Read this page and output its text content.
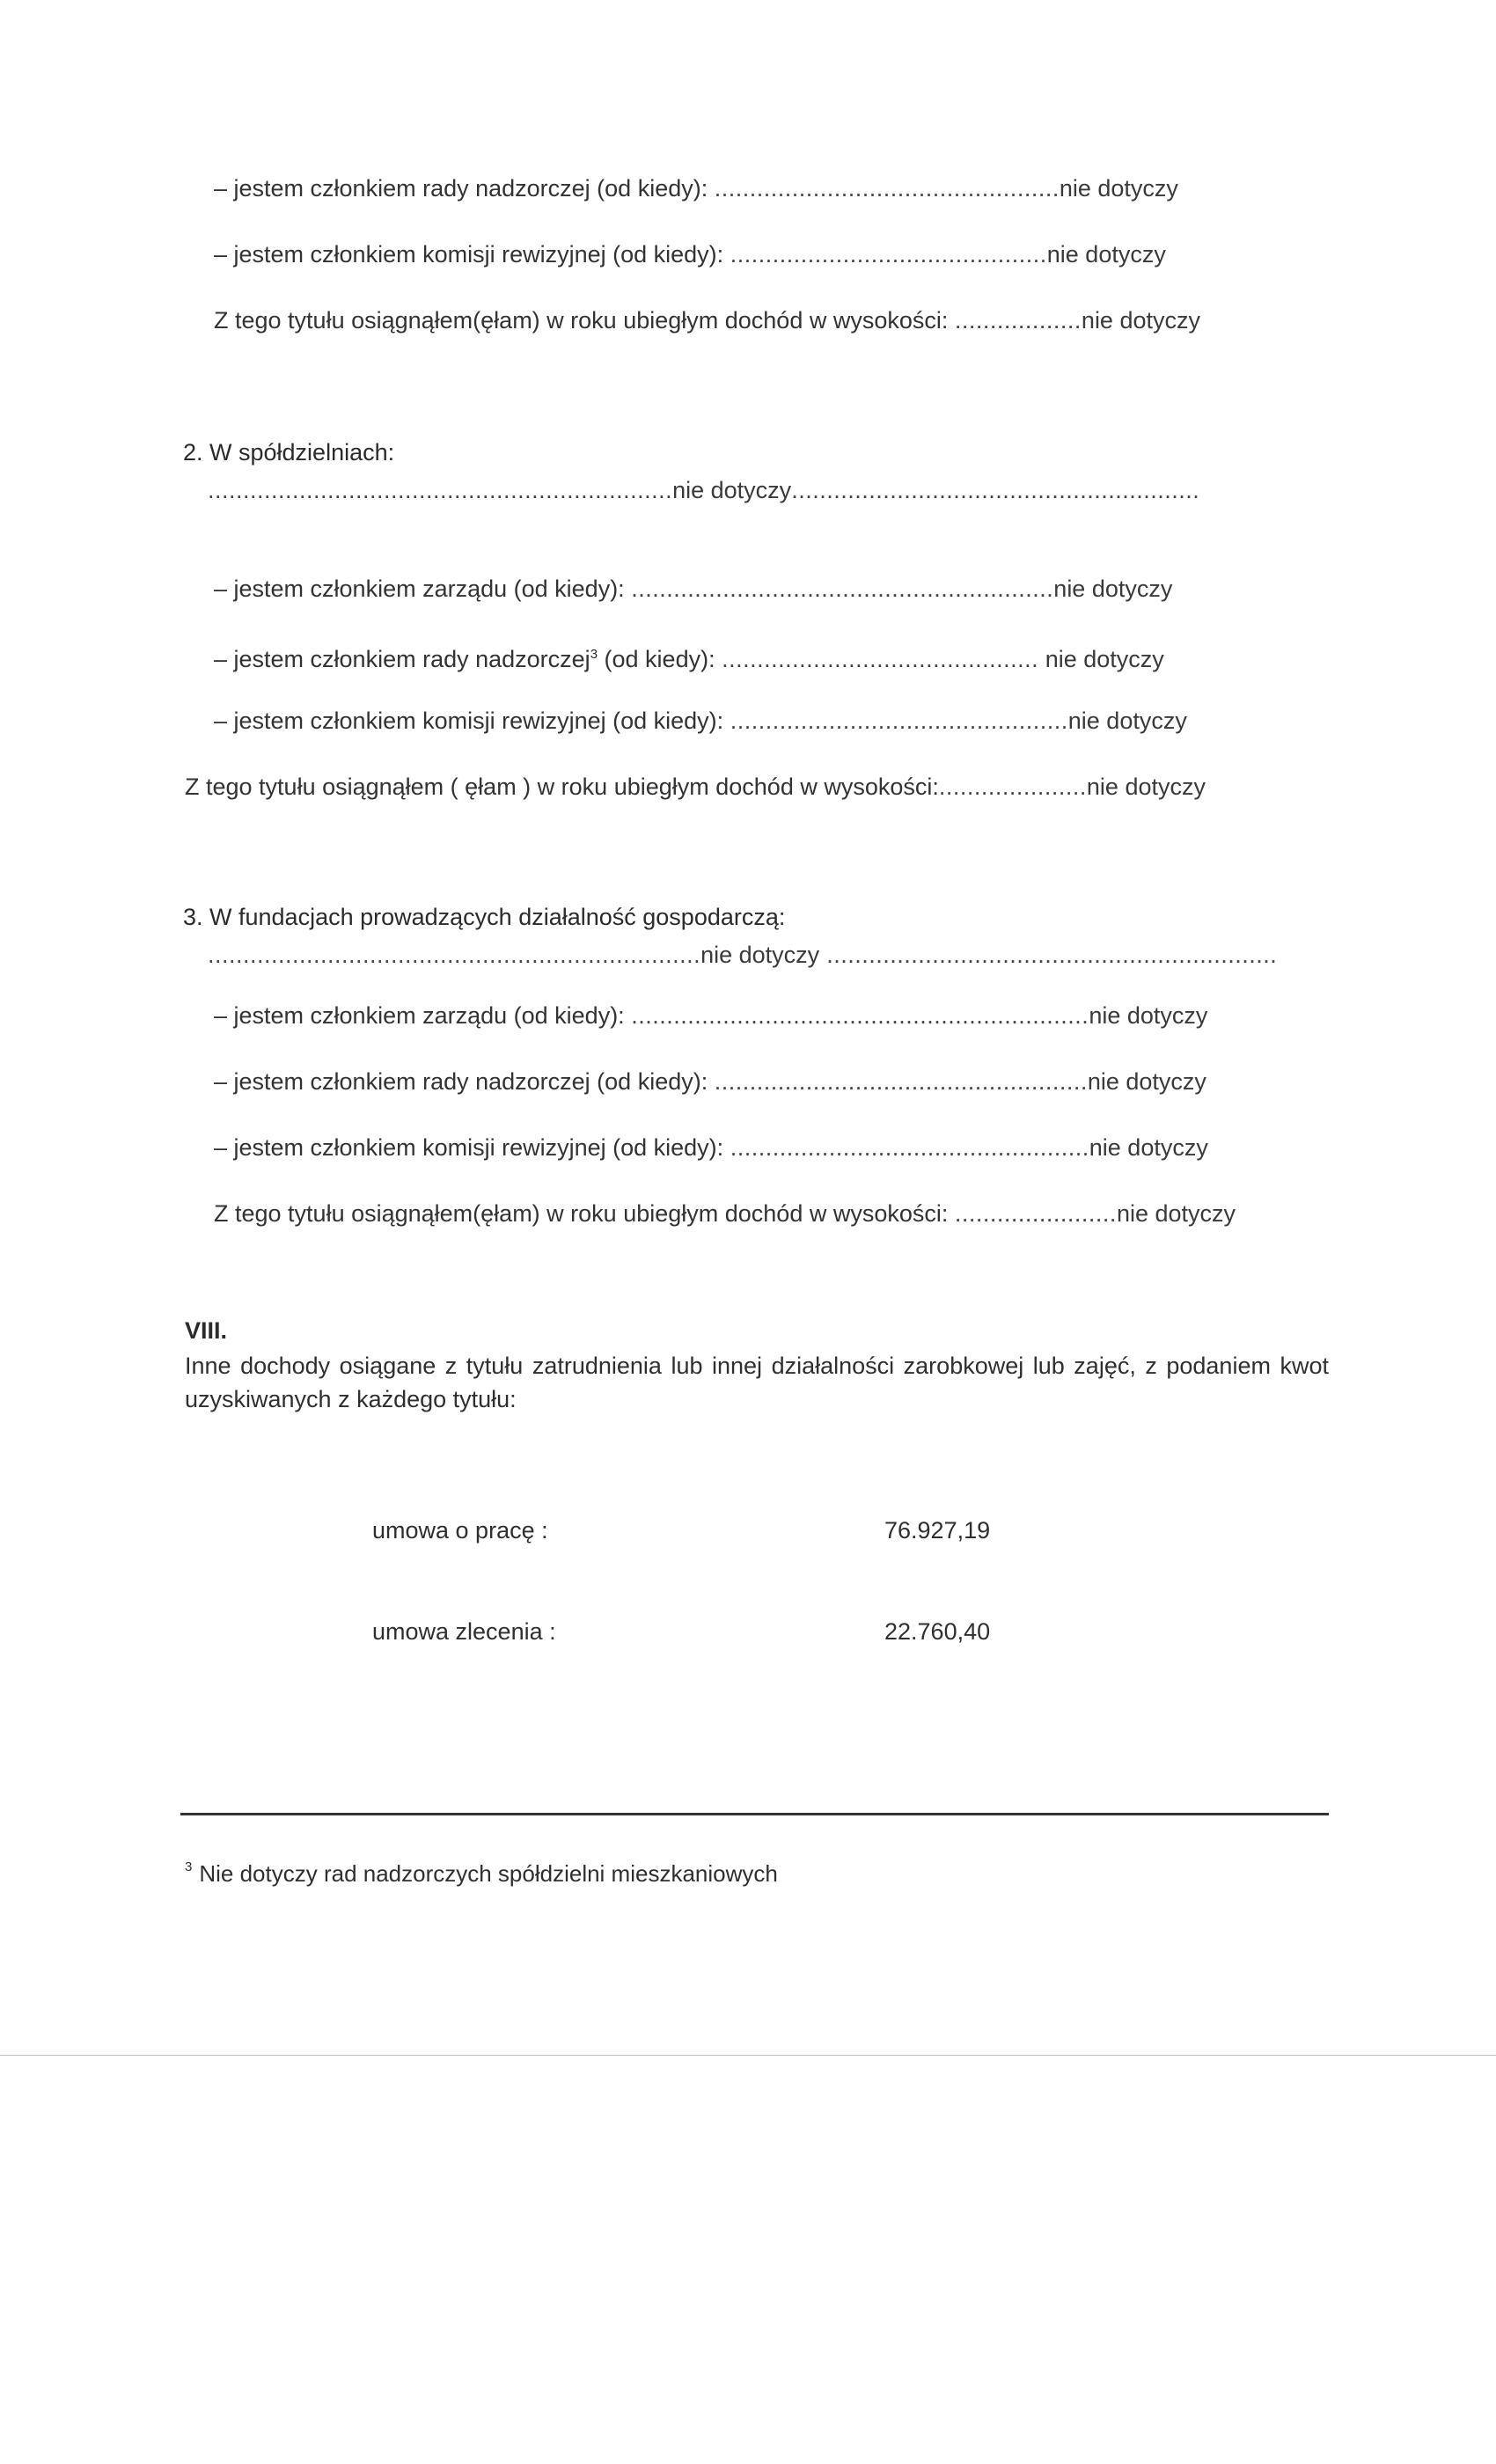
– jestem członkiem rady nadzorczej (od kiedy): .................................................nie dotyczy
– jestem członkiem komisji rewizyjnej (od kiedy): .............................................nie dotyczy
Z tego tytułu osiągnąłem(ęłam) w roku ubiegłym dochód w wysokości: ..................nie dotyczy
2. W spółdzielniach:
..................................................................nie dotyczy..........................................................
– jestem członkiem zarządu (od kiedy): ............................................................nie dotyczy
– jestem członkiem rady nadzorczej$^3$ (od kiedy): ............................................. nie dotyczy
– jestem członkiem komisji rewizyjnej (od kiedy): ................................................nie dotyczy
Z tego tytułu osiągnąłem ( ęłam ) w roku ubiegłym dochód w wysokości:.....................nie dotyczy
3. W fundacjach prowadzących działalność gospodarczą:
......................................................................nie dotyczy ................................................................
– jestem członkiem zarządu (od kiedy): .................................................................nie dotyczy
– jestem członkiem rady nadzorczej (od kiedy): .....................................................nie dotyczy
– jestem członkiem komisji rewizyjnej (od kiedy): ...................................................nie dotyczy
Z tego tytułu osiągnąłem(ęłam) w roku ubiegłym dochód w wysokości: .......................nie dotyczy
VIII.
Inne dochody osiągane z tytułu zatrudnienia lub innej działalności zarobkowej lub zajęć, z podaniem kwot uzyskiwanych z każdego tytułu:
umowa o pracę :	76.927,19
umowa zlecenia :	22.760,40
$^3$ Nie dotyczy rad nadzorczych spółdzielni mieszkaniowych
